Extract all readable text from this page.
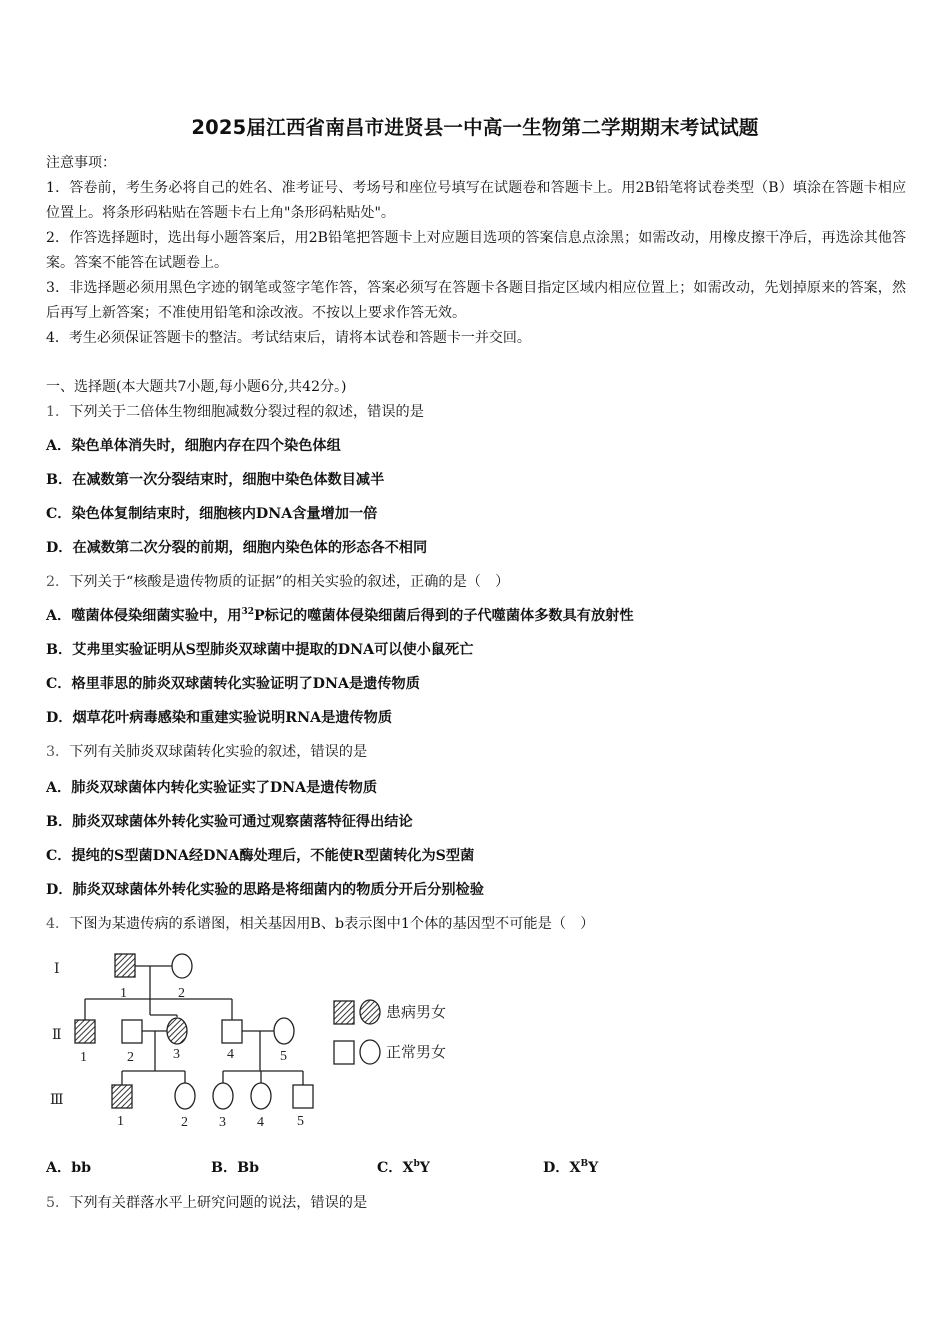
2025届江西省南昌市进贤县一中高一生物第二学期期末考试试题
注意事项：

1．答卷前，考生务必将自己的姓名、准考证号、考场号和座位号填写在试题卷和答题卡上。用2B铅笔将试卷类型（B）填涂在答题卡相应位置上。将条形码粘贴在答题卡右上角"条形码粘贴处"。

2．作答选择题时，选出每小题答案后，用2B铅笔把答题卡上对应题目选项的答案信息点涂黑；如需改动，用橡皮擦干净后，再选涂其他答案。答案不能答在试题卷上。

3．非选择题必须用黑色字迹的钢笔或签字笔作答，答案必须写在答题卡各题目指定区域内相应位置上；如需改动，先划掉原来的答案，然后再写上新答案；不准使用铅笔和涂改液。不按以上要求作答无效。

4．考生必须保证答题卡的整洁。考试结束后，请将本试卷和答题卡一并交回。

一、选择题(本大题共7小题,每小题6分,共42分。)
1．下列关于二倍体生物细胞减数分裂过程的叙述，错误的是
A．染色单体消失时，细胞内存在四个染色体组
B．在减数第一次分裂结束时，细胞中染色体数目减半
C．染色体复制结束时，细胞核内DNA含量增加一倍
D．在减数第二次分裂的前期，细胞内染色体的形态各不相同
2．下列关于“核酸是遗传物质的证据”的相关实验的叙述，正确的是（　）
A．噬菌体侵染细菌实验中，用$^{32}$P标记的噬菌体侵染细菌后得到的子代噬菌体多数具有放射性
B．艾弗里实验证明从S型肺炎双球菌中提取的DNA可以使小鼠死亡
C．格里菲思的肺炎双球菌转化实验证明了DNA是遗传物质
D．烟草花叶病毒感染和重建实验说明RNA是遗传物质
3．下列有关肺炎双球菌转化实验的叙述，错误的是
A．肺炎双球菌体内转化实验证实了DNA是遗传物质
B．肺炎双球菌体外转化实验可通过观察菌落特征得出结论
C．提纯的S型菌DNA经DNA酶处理后，不能使R型菌转化为S型菌
D．肺炎双球菌体外转化实验的思路是将细菌内的物质分开后分别检验
4．下图为某遗传病的系谱图，相关基因用B、b表示图中1个体的基因型不可能是（　）
Ⅰ
Ⅱ
Ⅲ
1	2
1	2	3	4	5
1	2 3 4 5
患病男女
正常男女
A．bb	B．Bb	C．$X^bY$	D．$X^BY$
5．下列有关群落水平上研究问题的说法，错误的是
